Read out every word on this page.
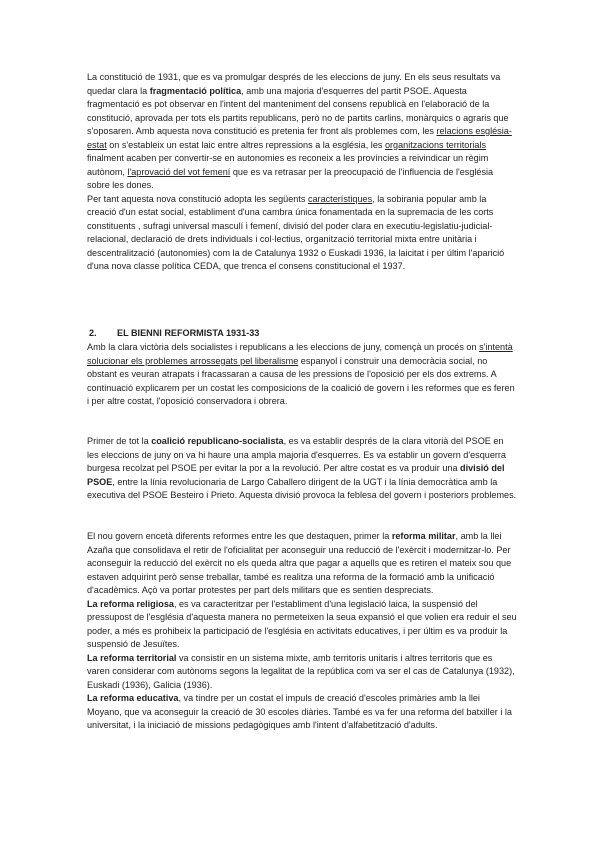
La constitució de 1931, que es va promulgar després de les eleccions de juny. En els seus resultats va quedar clara la fragmentació política, amb una majoria d'esquerres del partit PSOE. Aquesta fragmentació es pot observar en l'intent del manteniment del consens republicà en l'elaboració de la constitució, aprovada per tots els partits republicans, però no de partits carlins, monàrquics o agraris que s'oposaren. Amb aquesta nova constitució es pretenia fer front als problemes com, les relacions església-estat on s'estableix un estat laic entre altres repressions a la església, les organitzacions territorials finalment acaben per convertir-se en autonomies es reconeix a les províncies a reivindicar un règim autònom, l'aprovació del vot femení que es va retrasar per la preocupació de l'influencia de l'església sobre les dones.

Per tant aquesta nova constitució adopta les següents característiques, la sobirania popular amb la creació d'un estat social, establiment d'una cambra única fonamentada en la supremacia de les corts constituents , sufragi universal masculí i femení, divisió del poder clara en executiu-legislatiu-judicial-relacional, declaració de drets individuals i col·lectius, organització territorial mixta entre unitària i descentralització (autonomies) com la de Catalunya 1932 o Euskadi 1936, la laicitat i per últim l'aparició d'una nova classe política CEDA, que trenca el consens constitucional el 1937.

2. EL BIENNI REFORMISTA 1931-33

Amb la clara victòria dels socialistes i republicans a les eleccions de juny, començà un procés on s'intentà solucionar els problemes arrossegats pel liberalisme espanyol i construir una democràcia social, no obstant es veuran atrapats i fracassaran a causa de les pressions de l'oposició per els dos extrems. A continuació explicarem per un costat les composicions de la coalició de govern i les reformes que es feren i per altre costat, l'oposició conservadora i obrera.

Primer de tot la coalició republicano-socialista, es va establir després de la clara vitorià del PSOE en les eleccions de juny on va hi haure una ampla majoria d'esquerres. Es va establir un govern d'esquerra burgesa recolzat pel PSOE per evitar la por a la revolució. Per altre costat es va produir una divisió del PSOE, entre la línia revolucionaria de Largo Caballero dirigent de la UGT i la línia democràtica amb la executiva del PSOE Besteiro i Prieto. Aquesta divisió provoca la feblesa del govern i posteriors problemes.

El nou govern encetà diferents reformes entre les que destaquen, primer la reforma militar, amb la llei Azaña que consolidava el retir de l'oficialitat per aconseguir una reducció de l'exèrcit i modernitzar-lo. Per aconseguir la reducció del exèrcit no els queda altra que pagar a aquells que es retiren el mateix sou que estaven adquirint però sense treballar, també es realitza una reforma de la formació amb la unificació d'acadèmics. Açò va portar protestes per part dels militars que es sentien despreciats.

La reforma religiosa, es va caracteritzar per l'establiment d'una legislació laica, la suspensió del pressupost de l'església d'aquesta manera no permeteixen la seua expansió el que volien era reduir el seu poder, a més es prohibeix la participació de l'església en activitats educatives, i per últim es va produir la suspensió de Jesuïtes.

La reforma territorial va consistir en un sistema mixte, amb territoris unitaris i altres territoris que es varen considerar com autònoms segons la legalitat de la república com va ser el cas de Catalunya (1932), Euskadi (1936), Galicia (1936).

La reforma educativa, va tindre per un costat el impuls de creació d'escoles primàries amb la llei Moyano, que va aconseguir la creació de 30 escoles diàries. També es va fer una reforma del batxiller i la universitat, i la iniciació de missions pedagògiques amb l'intent d'alfabetització d'adults.
